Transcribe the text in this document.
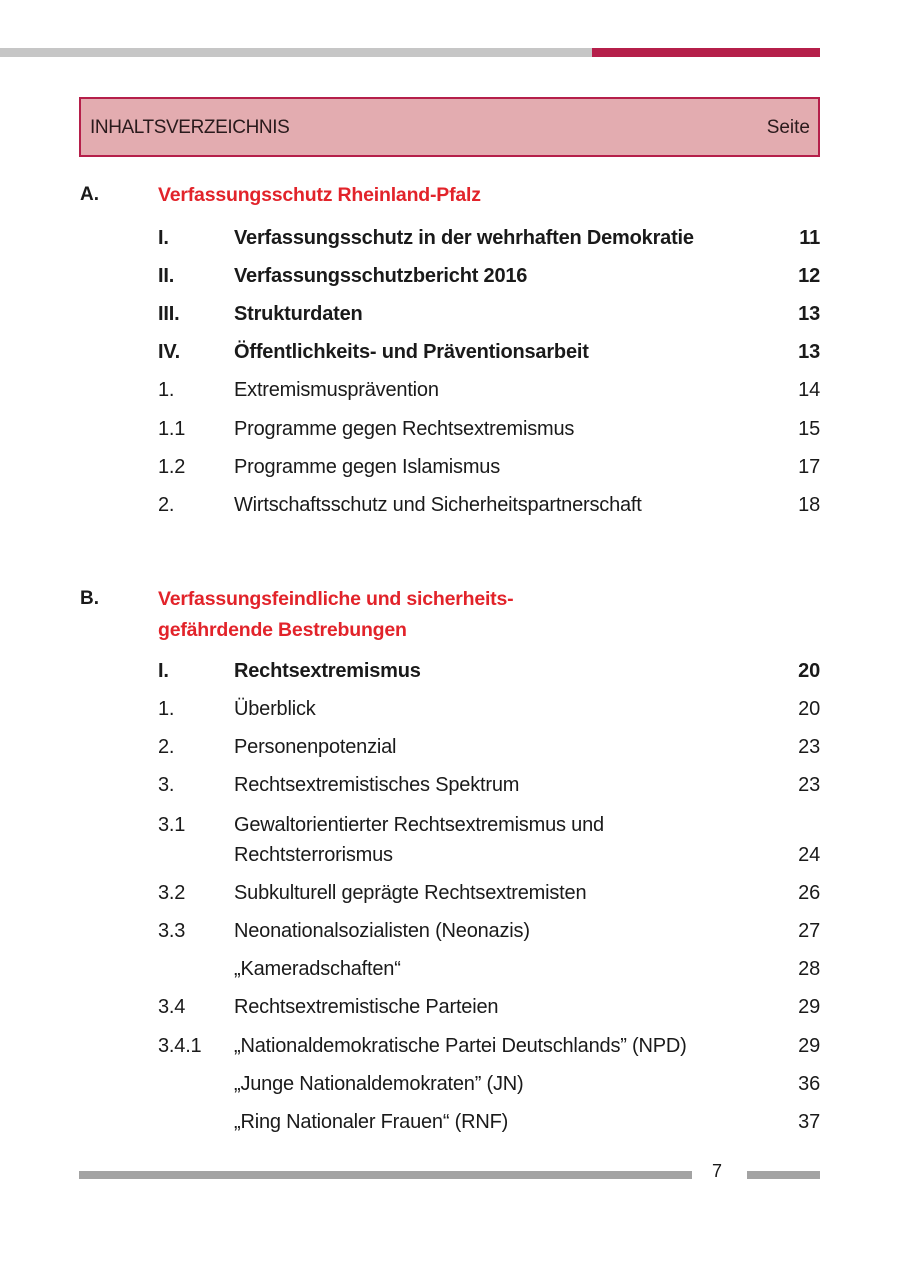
INHALTSVERZEICHNIS	Seite
A.	Verfassungsschutz Rheinland-Pfalz
I.	Verfassungsschutz in der wehrhaften Demokratie	11
II.	Verfassungsschutzbericht 2016	12
III.	Strukturdaten	13
IV.	Öffentlichkeits- und Präventionsarbeit	13
1.	Extremismusprävention	14
1.1 Programme gegen Rechtsextremismus	15
1.2 Programme gegen Islamismus	17
2.	Wirtschaftsschutz und Sicherheitspartnerschaft	18
B.	Verfassungsfeindliche und sicherheits-
gefährdende Bestrebungen
I.	Rechtsextremismus	20
1.	Überblick	20
2.	Personenpotenzial	23
3.	Rechtsextremistisches Spektrum	23
3.1 Gewaltorientierter Rechtsextremismus und
Rechtsterrorismus	24
3.2 Subkulturell geprägte Rechtsextremisten	26
3.3 Neonationalsozialisten (Neonazis)	27
„Kameradschaften“	28
3.4 Rechtsextremistische Parteien	29
3.4.1 „Nationaldemokratische Partei Deutschlands” (NPD)	29
„Junge Nationaldemokraten” (JN)	36
„Ring Nationaler Frauen“ (RNF)	37
7
